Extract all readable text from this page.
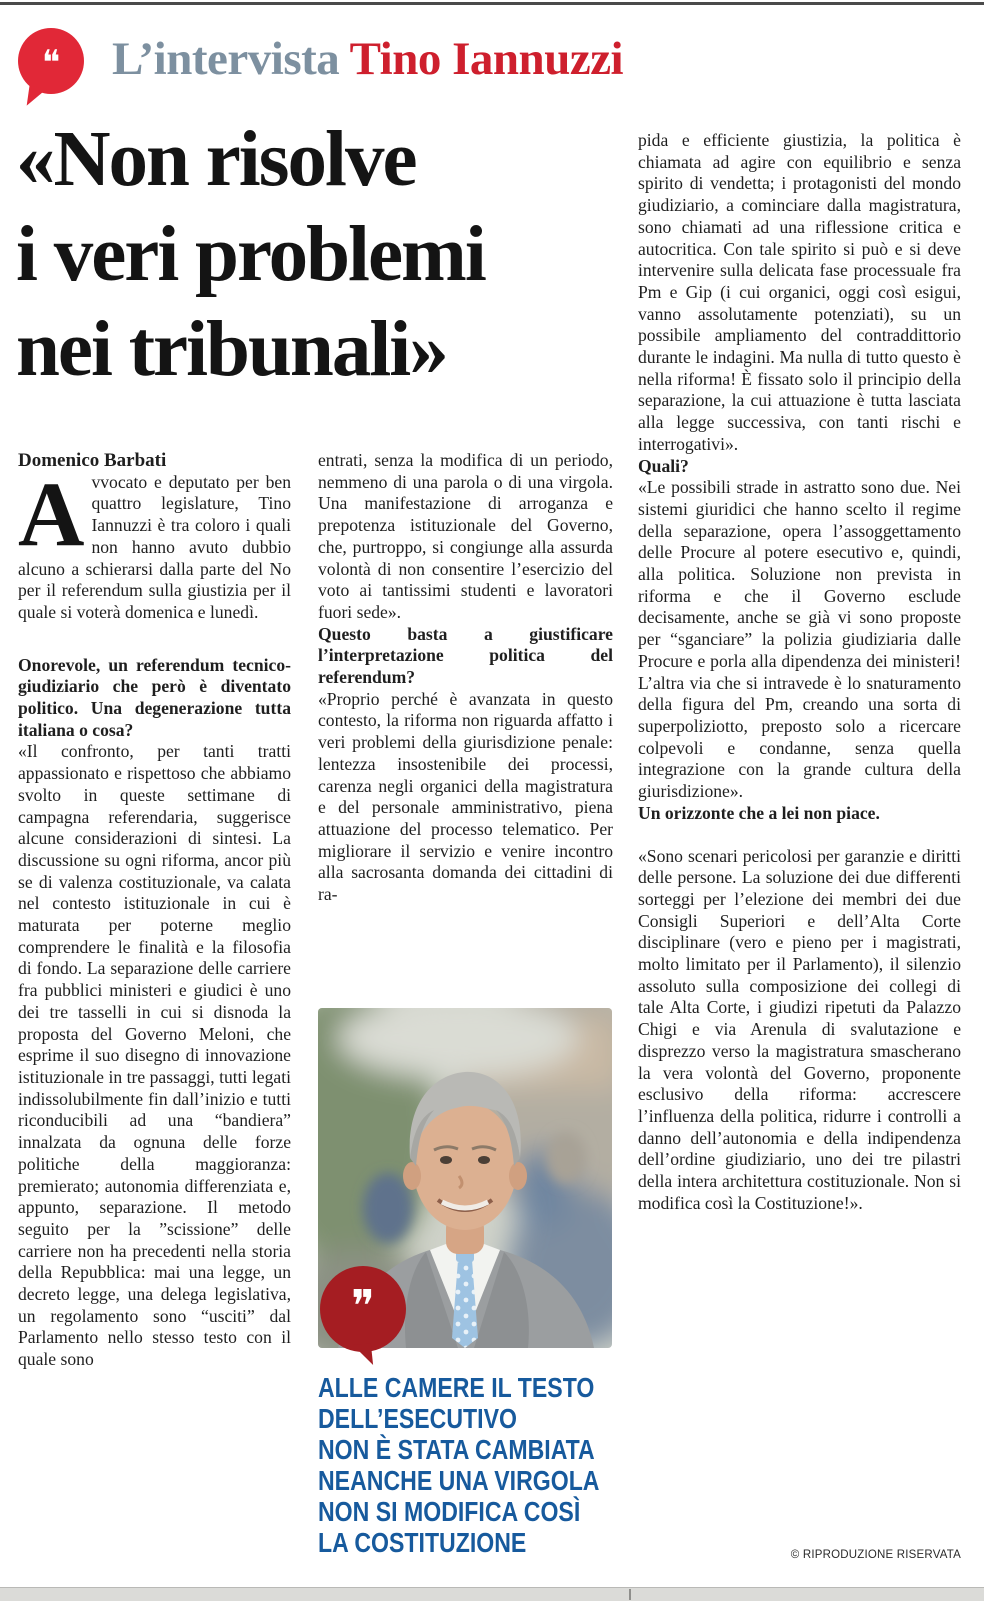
❝ L’intervista Tino Iannuzzi
«Non risolve
i veri problemi
nei tribunali»

Domenico Barbati

Avvocato e deputato per ben quattro legislature, Tino Iannuzzi è tra coloro i quali non hanno avuto dubbio alcuno a schierarsi dalla parte del No per il referendum sulla giustizia per il quale si voterà domenica e lunedì.

Onorevole, un referendum tecnico-giudiziario che però è diventato politico. Una degenerazione tutta italiana o cosa?

«Il confronto, per tanti tratti appassionato e rispettoso che abbiamo svolto in queste settimane di campagna referendaria, suggerisce alcune considerazioni di sintesi. La discussione su ogni riforma, ancor più se di valenza costituzionale, va calata nel contesto istituzionale in cui è maturata per poterne meglio comprendere le finalità e la filosofia di fondo. La separazione delle carriere fra pubblici ministeri e giudici è uno dei tre tasselli in cui si disnoda la proposta del Governo Meloni, che esprime il suo disegno di innovazione istituzionale in tre passaggi, tutti legati indissolubilmente fin dall’inizio e tutti riconducibili ad una “bandiera” innalzata da ognuna delle forze politiche della maggioranza: premierato; autonomia differenziata e, appunto, separazione. Il metodo seguito per la ”scissione” delle carriere non ha precedenti nella storia della Repubblica: mai una legge, un decreto legge, una delega legislativa, un regolamento sono “usciti” dal Parlamento nello stesso testo con il quale sono

entrati, senza la modifica di un periodo, nemmeno di una parola o di una virgola. Una manifestazione di arroganza e prepotenza istituzionale del Governo, che, purtroppo, si congiunge alla assurda volontà di non consentire l’esercizio del voto ai tantissimi studenti e lavoratori fuori sede».

Questo basta a giustificare l’interpretazione politica del referendum?

«Proprio perché è avanzata in questo contesto, la riforma non riguarda affatto i veri problemi della giurisdizione penale: lentezza insostenibile dei processi, carenza negli organici della magistratura e del personale amministrativo, piena attuazione del processo telematico. Per migliorare il servizio e venire incontro alla sacrosanta domanda dei cittadini di ra-

pida e efficiente giustizia, la politica è chiamata ad agire con equilibrio e senza spirito di vendetta; i protagonisti del mondo giudiziario, a cominciare dalla magistratura, sono chiamati ad una riflessione critica e autocritica. Con tale spirito si può e si deve intervenire sulla delicata fase processuale fra Pm e Gip (i cui organici, oggi così esigui, vanno assolutamente potenziati), su un possibile ampliamento del contraddittorio durante le indagini. Ma nulla di tutto questo è nella riforma! È fissato solo il principio della separazione, la cui attuazione è tutta lasciata alla legge successiva, con tanti rischi e interrogativi».

Quali?

«Le possibili strade in astratto sono due. Nei sistemi giuridici che hanno scelto il regime della separazione, opera l’assoggettamento delle Procure al potere esecutivo e, quindi, alla politica. Soluzione non prevista in riforma e che il Governo esclude decisamente, anche se già vi sono proposte per “sganciare” la polizia giudiziaria dalle Procure e porla alla dipendenza dei ministeri! L’altra via che si intravede è lo snaturamento della figura del Pm, creando una sorta di superpoliziotto, preposto solo a ricercare colpevoli e condanne, senza quella integrazione con la grande cultura della giurisdizione».

Un orizzonte che a lei non piace.

«Sono scenari pericolosi per garanzie e diritti delle persone. La soluzione dei due differenti sorteggi per l’elezione dei membri dei due Consigli Superiori e dell’Alta Corte disciplinare (vero e pieno per i magistrati, molto limitato per il Parlamento), il silenzio assoluto sulla composizione dei collegi di tale Alta Corte, i giudizi ripetuti da Palazzo Chigi e via Arenula di svalutazione e disprezzo verso la magistratura smascherano la vera volontà del Governo, proponente esclusivo della riforma: accrescere l’influenza della politica, ridurre i controlli a danno dell’autonomia e della indipendenza dell’ordine giudiziario, uno dei tre pilastri della intera architettura costituzionale. Non si modifica così la Costituzione!».

❞
ALLE CAMERE IL TESTO
DELL’ESECUTIVO
NON È STATA CAMBIATA
NEANCHE UNA VIRGOLA
NON SI MODIFICA COSÌ
LA COSTITUZIONE	© RIPRODUZIONE RISERVATA
